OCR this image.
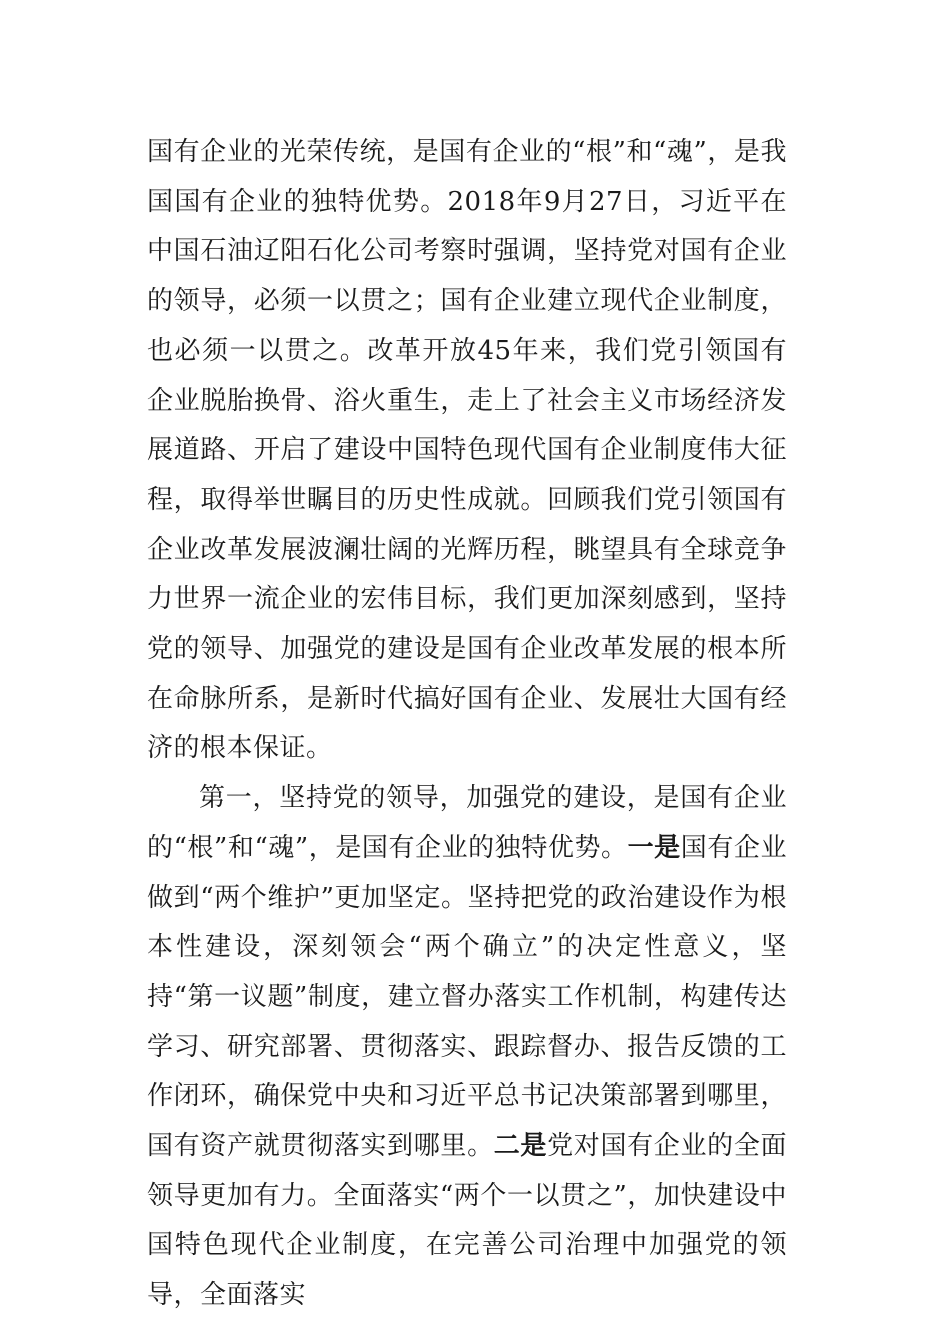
国有企业的光荣传统，是国有企业的“根”和“魂”，是我国国有企业的独特优势。2018年9月27日，习近平在中国石油辽阳石化公司考察时强调，坚持党对国有企业的领导，必须一以贯之；国有企业建立现代企业制度，也必须一以贯之。改革开放45年来，我们党引领国有企业脱胎换骨、浴火重生，走上了社会主义市场经济发展道路、开启了建设中国特色现代国有企业制度伟大征程，取得举世瞩目的历史性成就。回顾我们党引领国有企业改革发展波澜壮阔的光辉历程，眺望具有全球竞争力世界一流企业的宏伟目标，我们更加深刻感到，坚持党的领导、加强党的建设是国有企业改革发展的根本所在命脉所系，是新时代搞好国有企业、发展壮大国有经济的根本保证。

第一，坚持党的领导，加强党的建设，是国有企业的“根”和“魂”，是国有企业的独特优势。一是国有企业做到“两个维护”更加坚定。坚持把党的政治建设作为根本性建设，深刻领会“两个确立”的决定性意义，坚持“第一议题”制度，建立督办落实工作机制，构建传达学习、研究部署、贯彻落实、跟踪督办、报告反馈的工作闭环，确保党中央和习近平总书记决策部署到哪里，国有资产就贯彻落实到哪里。二是党对国有企业的全面领导更加有力。全面落实“两个一以贯之”，加快建设中国特色现代企业制度，在完善公司治理中加强党的领导，全面落实
